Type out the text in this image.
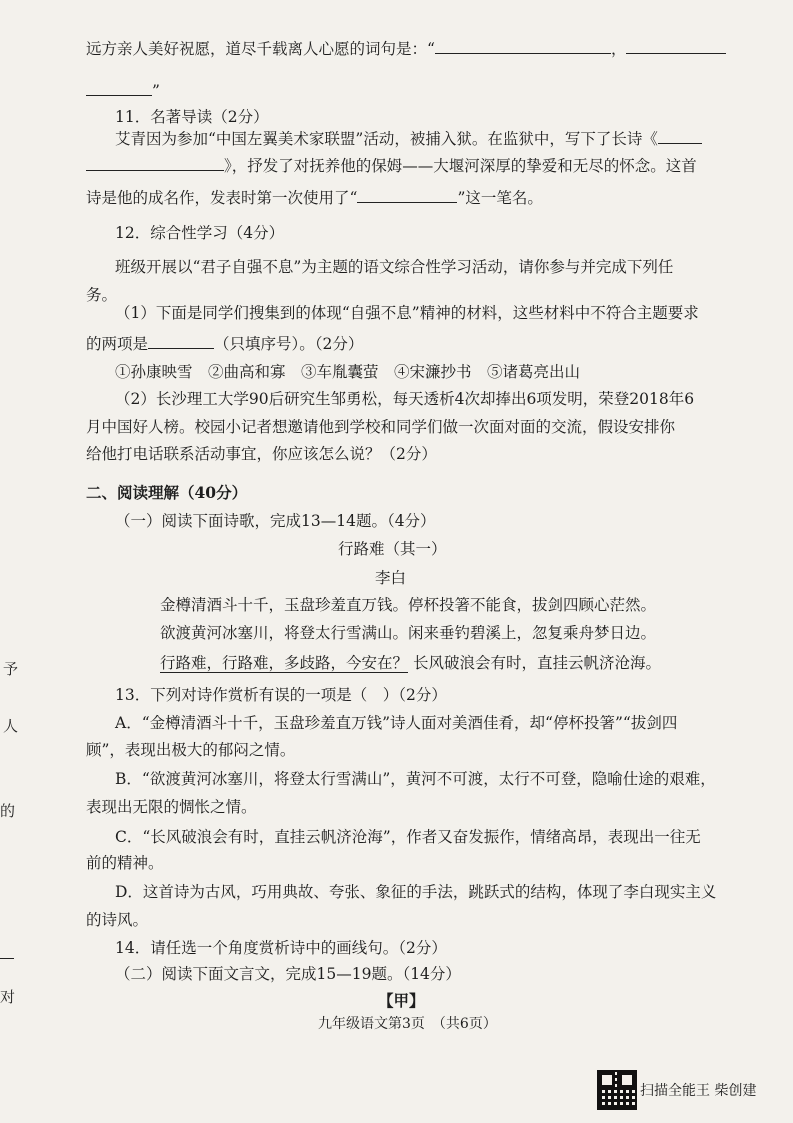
远方亲人美好祝愿，道尽千载离人心愿的词句是：“	，
”
11．名著导读（2分）
艾青因为参加“中国左翼美术家联盟”活动，被捕入狱。在监狱中，写下了长诗《
》，抒发了对抚养他的保姆——大堰河深厚的挚爱和无尽的怀念。这首
诗是他的成名作，发表时第一次使用了“	”这一笔名。
12．综合性学习（4分）
班级开展以“君子自强不息”为主题的语文综合性学习活动，请你参与并完成下列任
务。
（1）下面是同学们搜集到的体现“自强不息”精神的材料，这些材料中不符合主题要求
的两项是	（只填序号）。（2分）
①孙康映雪　②曲高和寡　③车胤囊萤　④宋濂抄书　⑤诸葛亮出山
（2）长沙理工大学90后研究生邹勇松，每天透析4次却捧出6项发明，荣登2018年6
月中国好人榜。校园小记者想邀请他到学校和同学们做一次面对面的交流，假设安排你
给他打电话联系活动事宜，你应该怎么说？（2分）
二、阅读理解（40分）
（一）阅读下面诗歌，完成13—14题。（4分）
行路难（其一）
李白
金樽清酒斗十千，玉盘珍羞直万钱。停杯投箸不能食，拔剑四顾心茫然。
欲渡黄河冰塞川，将登太行雪满山。闲来垂钓碧溪上，忽复乘舟梦日边。
行路难，行路难，多歧路，今安在？ 长风破浪会有时，直挂云帆济沧海。
13．下列对诗作赏析有误的一项是（　）（2分）
A．“金樽清酒斗十千，玉盘珍羞直万钱”诗人面对美酒佳肴，却“停杯投箸”“拔剑四
顾”，表现出极大的郁闷之情。
B．“欲渡黄河冰塞川，将登太行雪满山”，黄河不可渡，太行不可登，隐喻仕途的艰难，
表现出无限的惆怅之情。
C．“长风破浪会有时，直挂云帆济沧海”，作者又奋发振作，情绪高昂，表现出一往无
前的精神。
D．这首诗为古风，巧用典故、夸张、象征的手法，跳跃式的结构，体现了李白现实主义
的诗风。
14．请任选一个角度赏析诗中的画线句。（2分）
（二）阅读下面文言文，完成15—19题。（14分）
【甲】
九年级语文第3页　（共6页）
予
人
的
对
扫描全能王 柴创建
